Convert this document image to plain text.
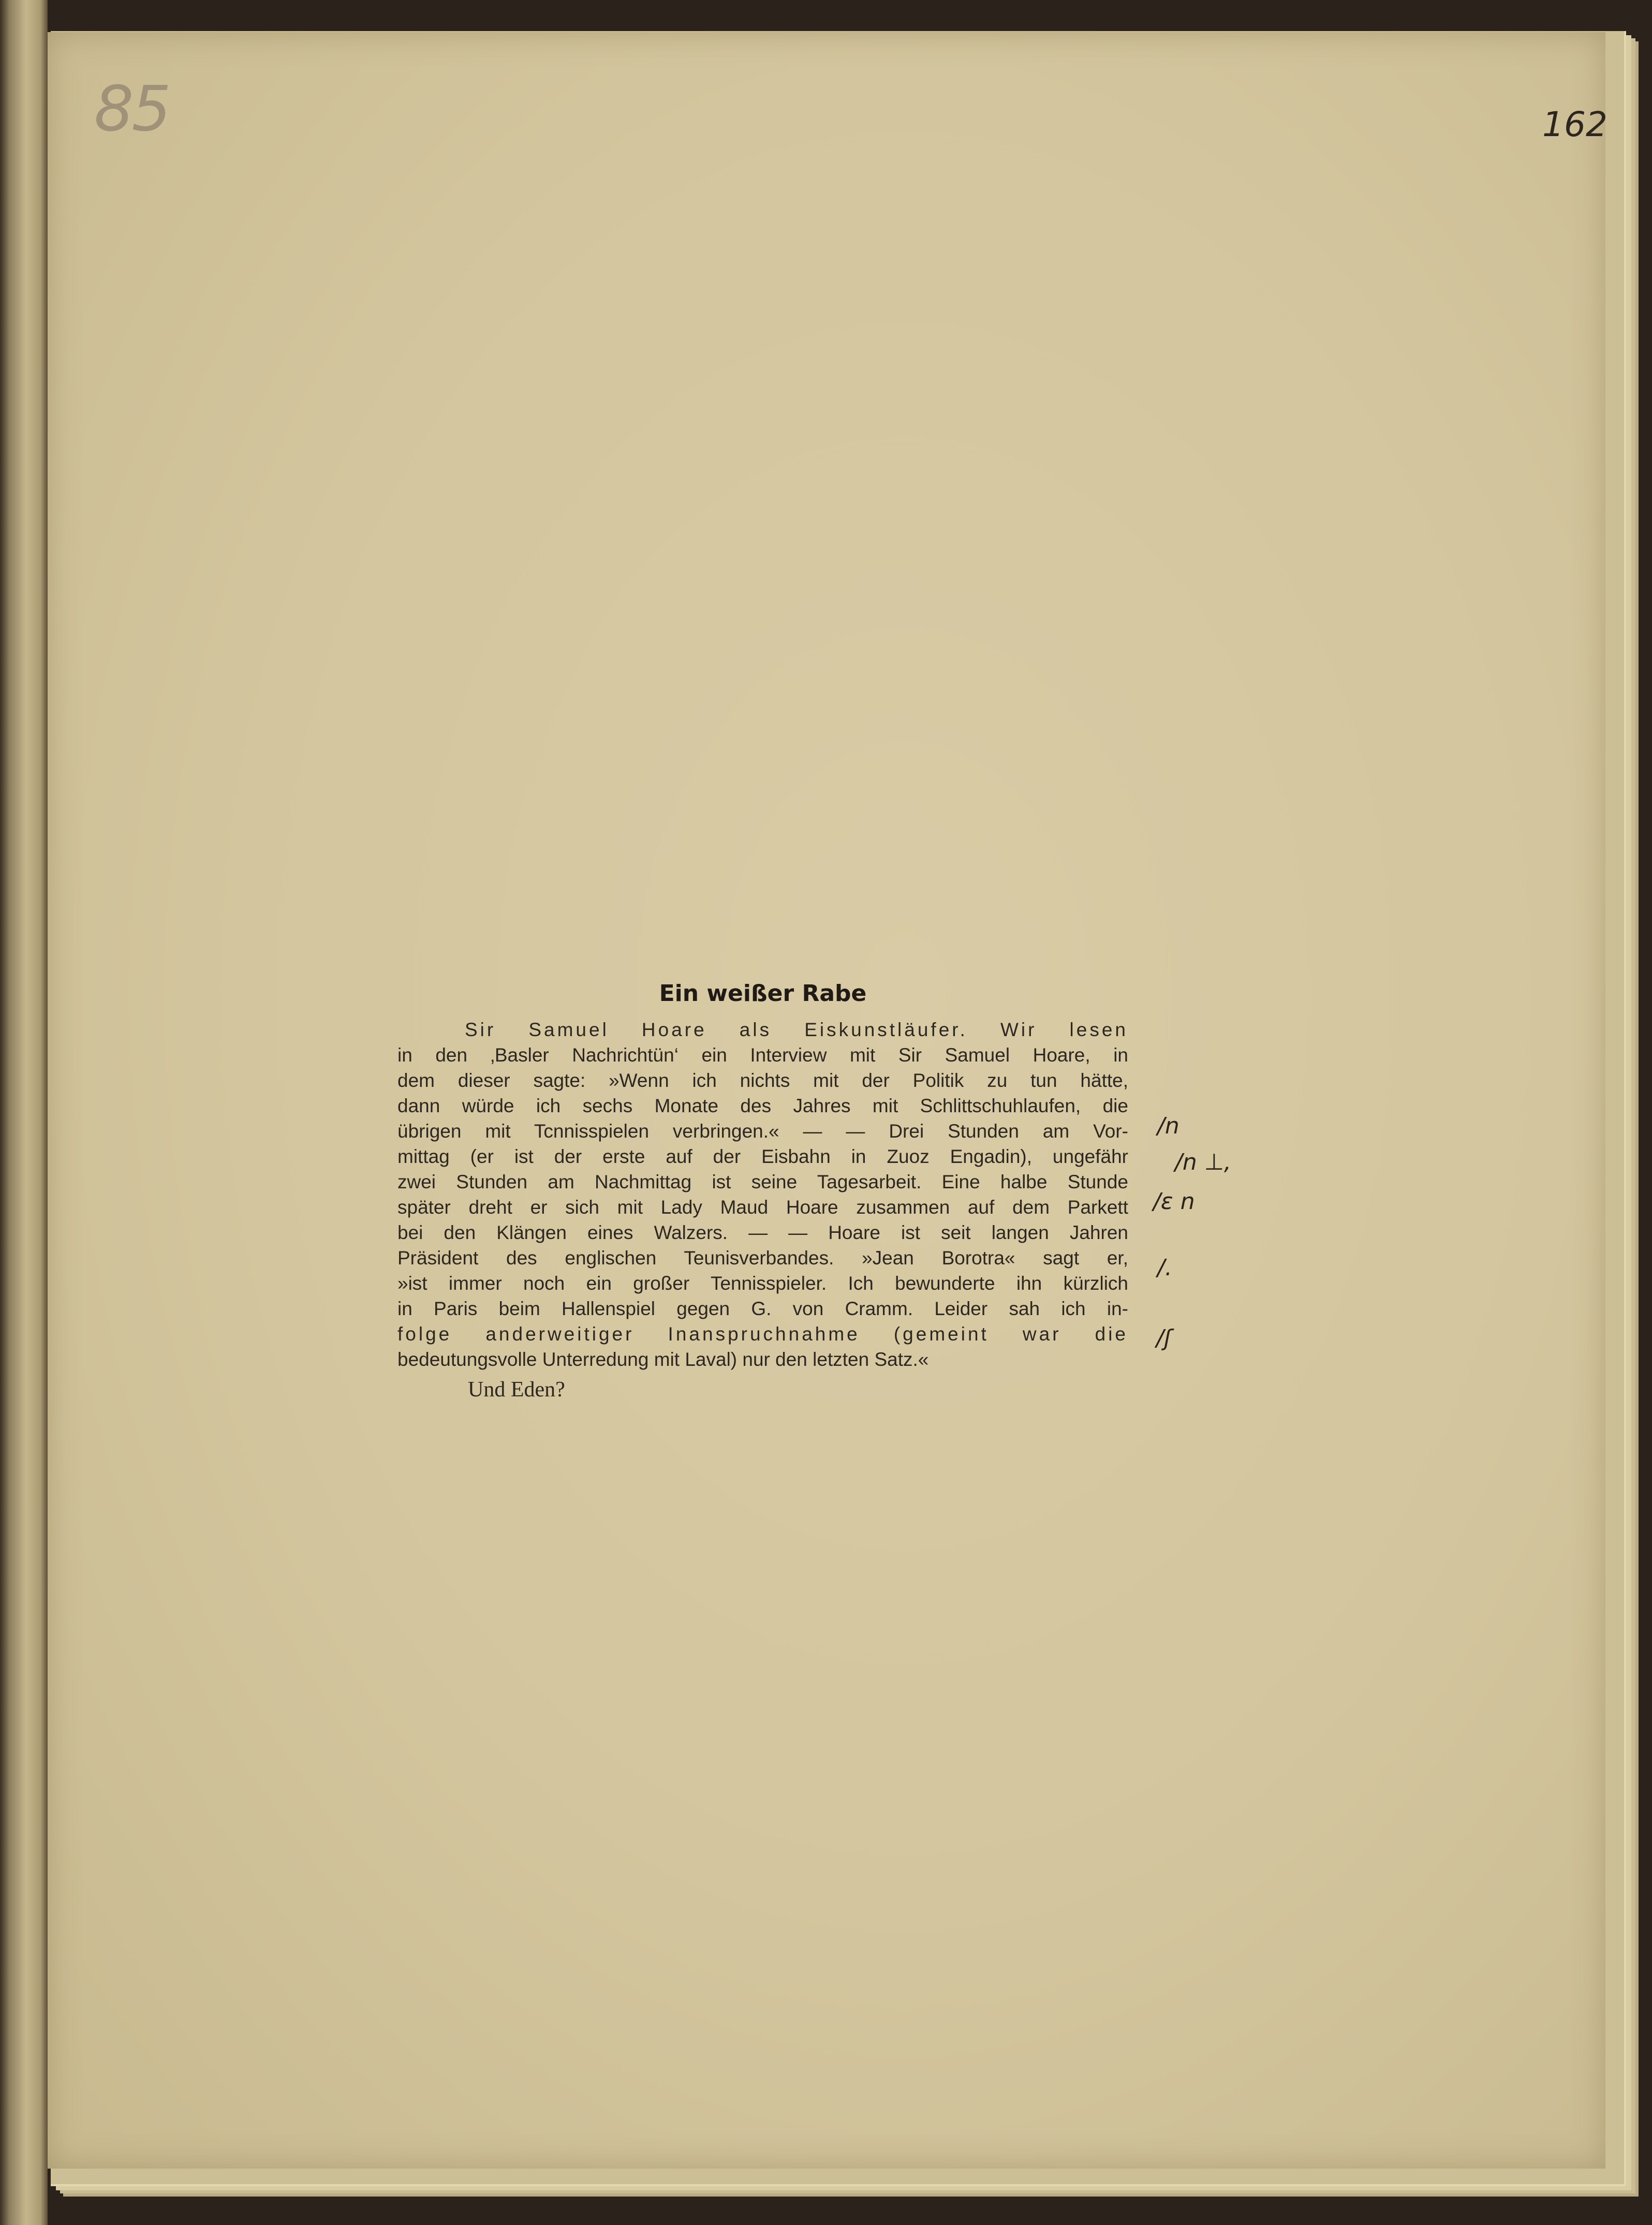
85	162
Ein weißer Rabe
Sir Samuel Hoare als Eiskunstläufer. Wir lesen
in den ‚Basler Nachrichtün‘ ein Interview mit Sir Samuel Hoare, in
dem dieser sagte: »Wenn ich nichts mit der Politik zu tun hätte,
dann würde ich sechs Monate des Jahres mit Schlittschuhlaufen, die
übrigen mit Tcnnisspielen verbringen.« — — Drei Stunden am Vor-
mittag (er ist der erste auf der Eisbahn in Zuoz Engadin), ungefähr
zwei Stunden am Nachmittag ist seine Tagesarbeit. Eine halbe Stunde
später dreht er sich mit Lady Maud Hoare zusammen auf dem Parkett
bei den Klängen eines Walzers. — — Hoare ist seit langen Jahren
Präsident des englischen Teunisverbandes. »Jean Borotra« sagt er,
»ist immer noch ein großer Tennisspieler. Ich bewunderte ihn kürzlich
in Paris beim Hallenspiel gegen G. von Cramm. Leider sah ich in-
folge anderweitiger Inanspruchnahme (gemeint war die
bedeutungsvolle Unterredung mit Laval) nur den letzten Satz.«
Und Eden?
/n
/n ⊥,
/ɛ n
/.
/ʃ
